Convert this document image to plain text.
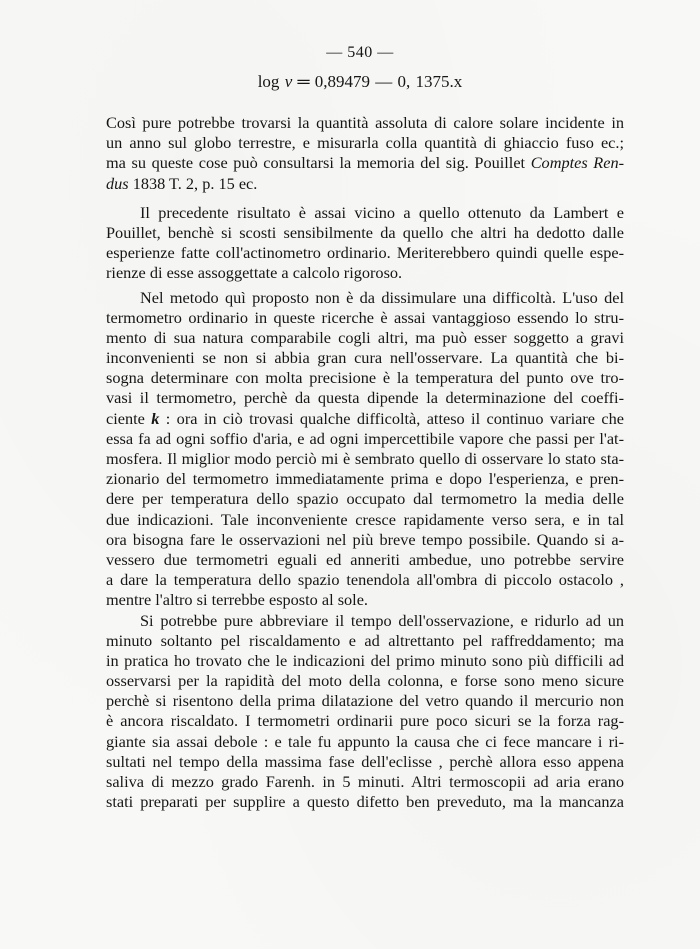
— 540 —
log v ═ 0,89479 — 0, 1375.x
Così pure potrebbe trovarsi la quantità assoluta di calore solare incidente in
un anno sul globo terrestre, e misurarla colla quantità di ghiaccio fuso ec.;
ma su queste cose può consultarsi la memoria del sig. Pouillet Comptes Ren-
dus 1838 T. 2, p. 15 ec.
Il precedente risultato è assai vicino a quello ottenuto da Lambert e
Pouillet, benchè si scosti sensibilmente da quello che altri ha dedotto dalle
esperienze fatte coll'actinometro ordinario. Meriterebbero quindi quelle espe-
rienze di esse assoggettate a calcolo rigoroso.
Nel metodo quì proposto non è da dissimulare una difficoltà. L'uso del
termometro ordinario in queste ricerche è assai vantaggioso essendo lo stru-
mento di sua natura comparabile cogli altri, ma può esser soggetto a gravi
inconvenienti se non si abbia gran cura nell'osservare. La quantità che bi-
sogna determinare con molta precisione è la temperatura del punto ove tro-
vasi il termometro, perchè da questa dipende la determinazione del coeffi-
ciente k : ora in ciò trovasi qualche difficoltà, atteso il continuo variare che
essa fa ad ogni soffio d'aria, e ad ogni impercettibile vapore che passi per l'at-
mosfera. Il miglior modo perciò mi è sembrato quello di osservare lo stato sta-
zionario del termometro immediatamente prima e dopo l'esperienza, e pren-
dere per temperatura dello spazio occupato dal termometro la media delle
due indicazioni. Tale inconveniente cresce rapidamente verso sera, e in tal
ora bisogna fare le osservazioni nel più breve tempo possibile. Quando si a-
vessero due termometri eguali ed anneriti ambedue, uno potrebbe servire
a dare la temperatura dello spazio tenendola all'ombra di piccolo ostacolo ,
mentre l'altro si terrebbe esposto al sole.
Si potrebbe pure abbreviare il tempo dell'osservazione, e ridurlo ad un
minuto soltanto pel riscaldamento e ad altrettanto pel raffreddamento; ma
in pratica ho trovato che le indicazioni del primo minuto sono più difficili ad
osservarsi per la rapidità del moto della colonna, e forse sono meno sicure
perchè si risentono della prima dilatazione del vetro quando il mercurio non
è ancora riscaldato. I termometri ordinarii pure poco sicuri se la forza rag-
giante sia assai debole : e tale fu appunto la causa che ci fece mancare i ri-
sultati nel tempo della massima fase dell'eclisse , perchè allora esso appena
saliva di mezzo grado Farenh. in 5 minuti. Altri termoscopii ad aria erano
stati preparati per supplire a questo difetto ben preveduto, ma la mancanza
